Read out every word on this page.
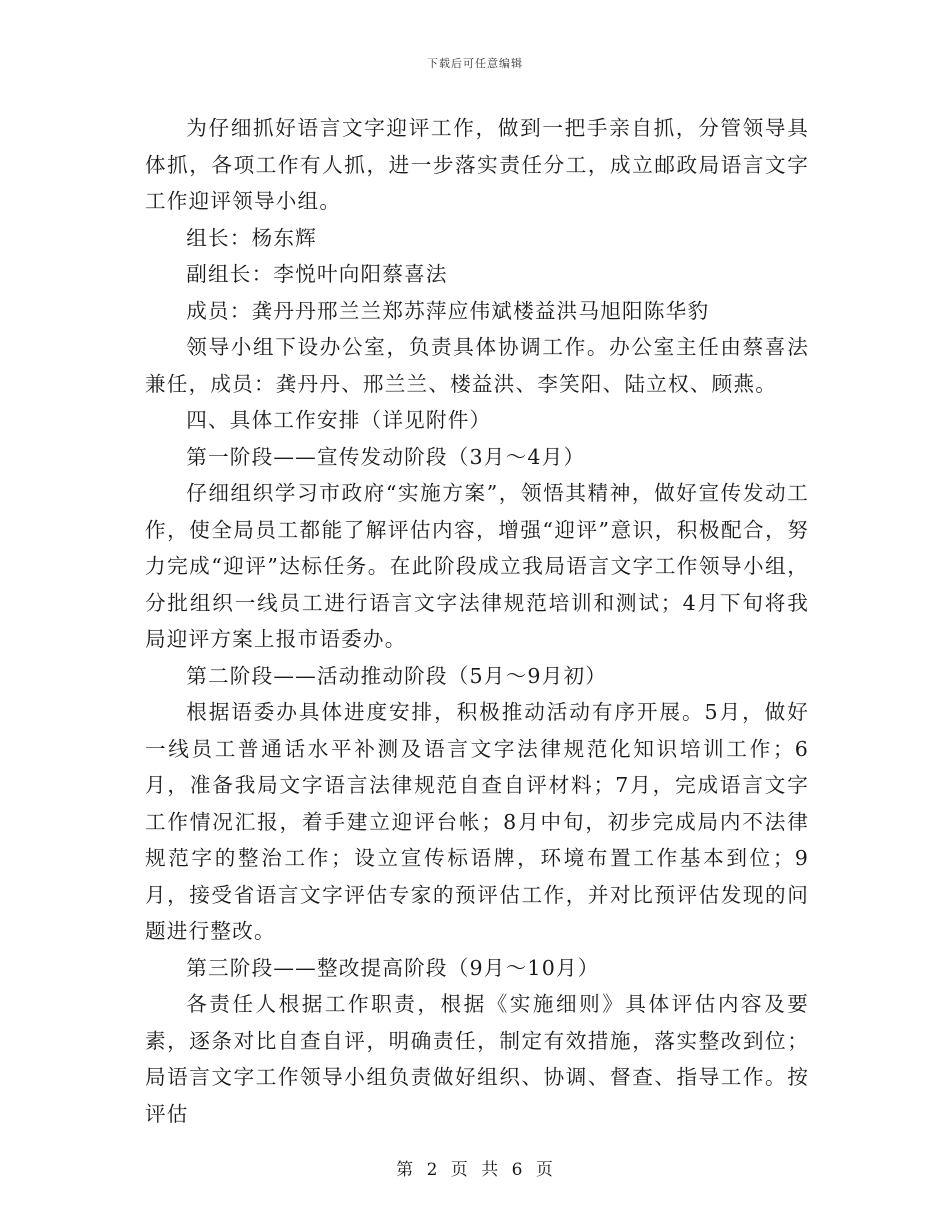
下载后可任意编辑

为仔细抓好语言文字迎评工作，做到一把手亲自抓，分管领导具体抓，各项工作有人抓，进一步落实责任分工，成立邮政局语言文字工作迎评领导小组。

组长：杨东辉

副组长：李悦叶向阳蔡喜法

成员：龚丹丹邢兰兰郑苏萍应伟斌楼益洪马旭阳陈华豹

领导小组下设办公室，负责具体协调工作。办公室主任由蔡喜法兼任，成员：龚丹丹、邢兰兰、楼益洪、李笑阳、陆立权、顾燕。

四、具体工作安排（详见附件）

第一阶段——宣传发动阶段（3月～4月）

仔细组织学习市政府“实施方案”，领悟其精神，做好宣传发动工作，使全局员工都能了解评估内容，增强“迎评”意识，积极配合，努力完成“迎评”达标任务。在此阶段成立我局语言文字工作领导小组，分批组织一线员工进行语言文字法律规范培训和测试；4月下旬将我局迎评方案上报市语委办。

第二阶段——活动推动阶段（5月～9月初）

根据语委办具体进度安排，积极推动活动有序开展。5月，做好一线员工普通话水平补测及语言文字法律规范化知识培训工作；6月，准备我局文字语言法律规范自查自评材料；7月，完成语言文字工作情况汇报，着手建立迎评台帐；8月中旬，初步完成局内不法律规范字的整治工作；设立宣传标语牌，环境布置工作基本到位；9月，接受省语言文字评估专家的预评估工作，并对比预评估发现的问题进行整改。

第三阶段——整改提高阶段（9月～10月）

各责任人根据工作职责，根据《实施细则》具体评估内容及要素，逐条对比自查自评，明确责任，制定有效措施，落实整改到位；局语言文字工作领导小组负责做好组织、协调、督查、指导工作。按评估

第 2 页 共 6 页
